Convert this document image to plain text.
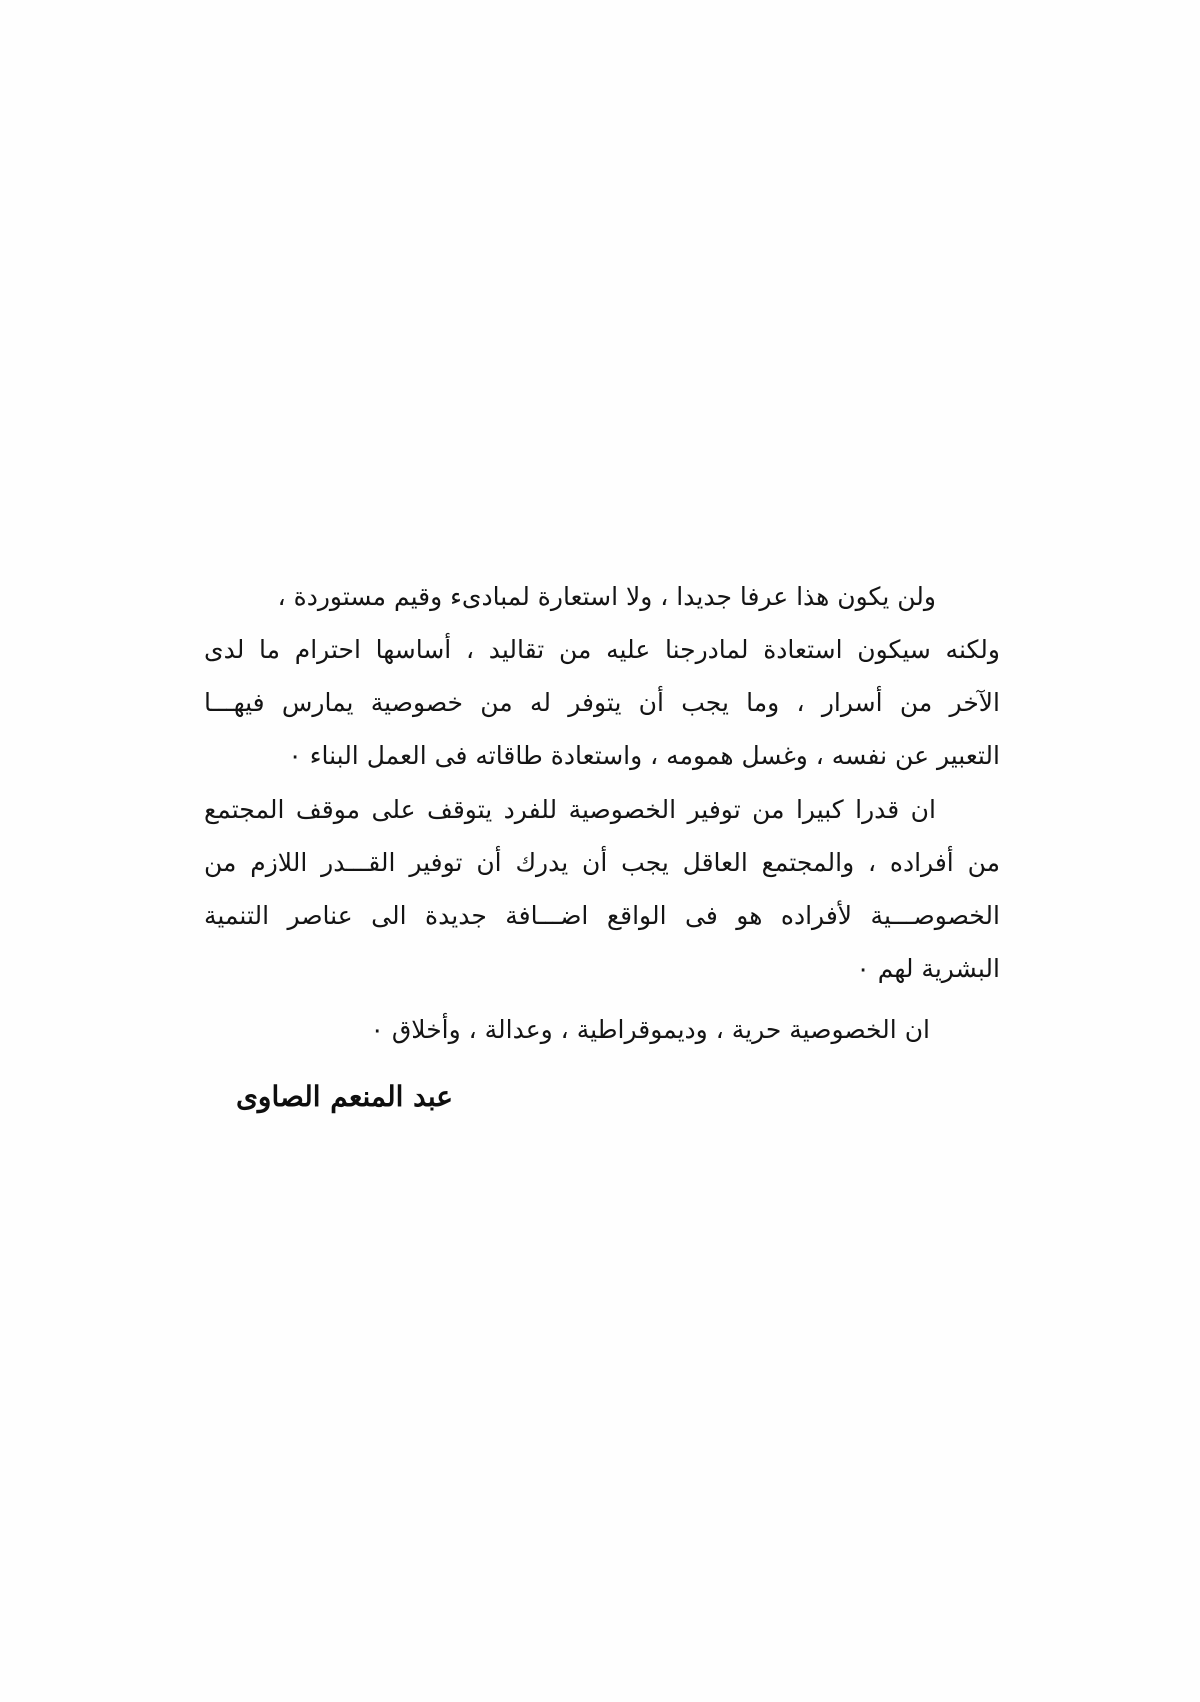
ولن يكون هذا عرفا جديدا ، ولا استعارة لمبادىء وقيم مستوردة ،
ولكنه سيكون استعادة لمادرجنا عليه من تقاليد ، أساسها احترام ما لدى
الآخر من أسرار ، وما يجب أن يتوفر له من خصوصية يمارس فيهـــا
التعبير عن نفسه ، وغسل همومه ، واستعادة طاقاته فى العمل البناء ٠
ان قدرا كبيرا من توفير الخصوصية للفرد يتوقف على موقف المجتمع
من أفراده ، والمجتمع العاقل يجب أن يدرك أن توفير القـــدر اللازم من
الخصوصـــية لأفراده هو فى الواقع اضـــافة جديدة الى عناصر التنمية
البشرية لهم ٠
ان الخصوصية حرية ، وديموقراطية ، وعدالة ، وأخلاق ٠
عبد المنعم الصاوى
